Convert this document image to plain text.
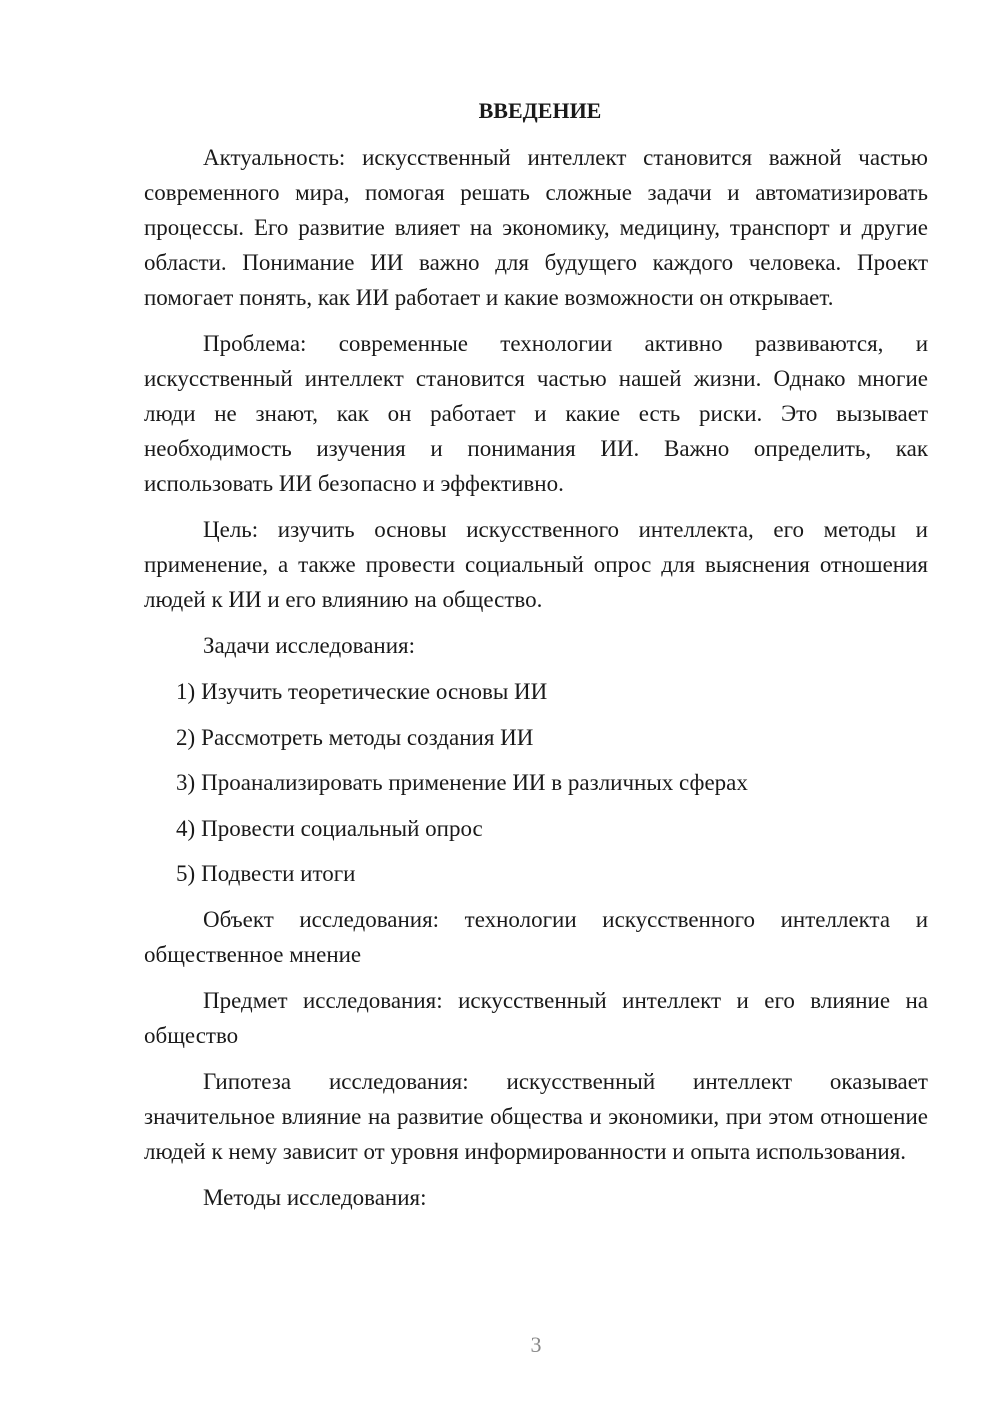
ВВЕДЕНИЕ

Актуальность: искусственный интеллект становится важной частью современного мира, помогая решать сложные задачи и автоматизировать процессы. Его развитие влияет на экономику, медицину, транспорт и другие области. Понимание ИИ важно для будущего каждого человека. Проект помогает понять, как ИИ работает и какие возможности он открывает.

Проблема: современные технологии активно развиваются, и искусственный интеллект становится частью нашей жизни. Однако многие люди не знают, как он работает и какие есть риски. Это вызывает необходимость изучения и понимания ИИ. Важно определить, как использовать ИИ безопасно и эффективно.

Цель: изучить основы искусственного интеллекта, его методы и применение, а также провести социальный опрос для выяснения отношения людей к ИИ и его влиянию на общество.

Задачи исследования:

1) Изучить теоретические основы ИИ
2) Рассмотреть методы создания ИИ
3) Проанализировать применение ИИ в различных сферах
4) Провести социальный опрос
5) Подвести итоги

Объект исследования: технологии искусственного интеллекта и общественное мнение

Предмет исследования: искусственный интеллект и его влияние на общество

Гипотеза исследования: искусственный интеллект оказывает значительное влияние на развитие общества и экономики, при этом отношение людей к нему зависит от уровня информированности и опыта использования.

Методы исследования:

3
